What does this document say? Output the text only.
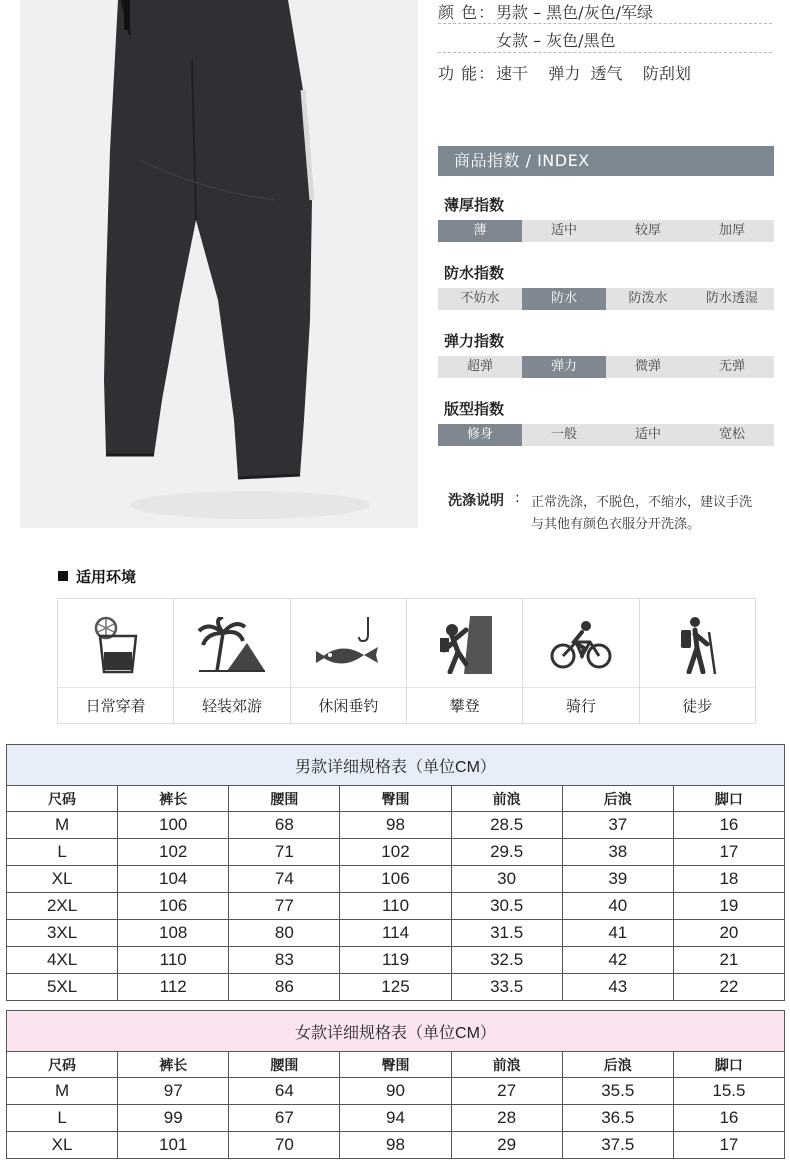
颜 色：男款 – 黑色/灰色/军绿
女款 – 灰色/黑色
功 能：速干    弹力  透气    防刮划
商品指数 / INDEX
薄厚指数
薄	适中	较厚	加厚
防水指数
不妨水	防水	防泼水	防水透湿
弹力指数
超弹	弹力	微弹	无弹
版型指数
修身	一般	适中	宽松
洗涤说明 : 正常洗涤，不脱色，不缩水，建议手洗
与其他有颜色衣服分开洗涤。
适用环境
日常穿着	轻装郊游	休闲垂钓	攀登	骑行	徒步
男款详细规格表（单位CM）						
尺码	裤长	腰围	臀围	前浪	后浪	脚口
M	100	68	98	28.5	37	16
L	102	71	102	29.5	38	17
XL	104	74	106	30	39	18
2XL	106	77	110	30.5	40	19
3XL	108	80	114	31.5	41	20
4XL	110	83	119	32.5	42	21
5XL	112	86	125	33.5	43	22
女款详细规格表（单位CM）						
尺码	裤长	腰围	臀围	前浪	后浪	脚口
M	97	64	90	27	35.5	15.5
L	99	67	94	28	36.5	16
XL	101	70	98	29	37.5	17
